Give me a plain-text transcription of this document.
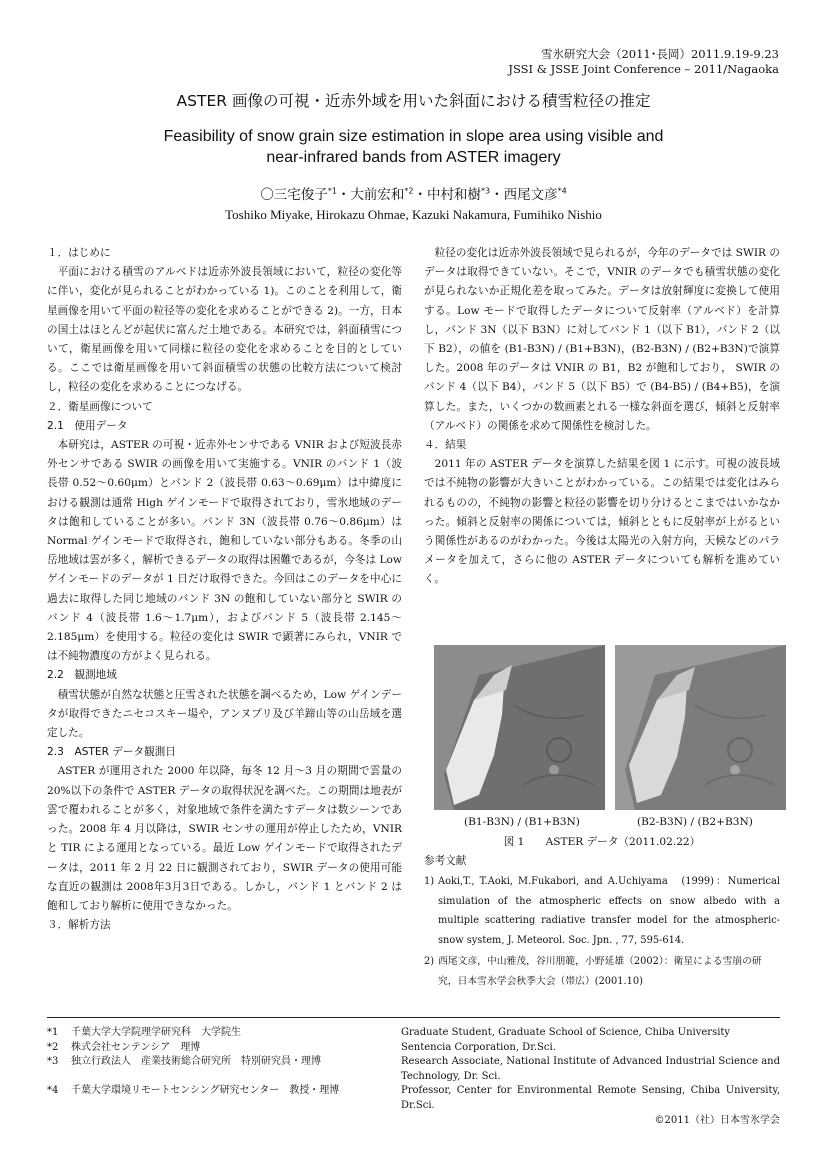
雪氷研究大会（2011･長岡）2011.9.19-9.23
JSSI & JSSE Joint Conference – 2011/Nagaoka
ASTER 画像の可視・近赤外域を用いた斜面における積雪粒径の推定
Feasibility of snow grain size estimation in slope area using visible and
near-infrared bands from ASTER imagery
〇三宅俊子$^{*1}$・大前宏和$^{*2}$・中村和樹$^{*3}$・西尾文彦$^{*4}$
Toshiko Miyake, Hirokazu Ohmae, Kazuki Nakamura, Fumihiko Nishio
１．はじめに

平面における積雪のアルベドは近赤外波長領域において，粒径の変化等に伴い，変化が見られることがわかっている 1)。このことを利用して，衛星画像を用いて平面の粒径等の変化を求めることができる 2)。一方，日本の国土はほとんどが起伏に富んだ土地である。本研究では，斜面積雪について，衛星画像を用いて同様に粒径の変化を求めることを目的としている。ここでは衛星画像を用いて斜面積雪の状態の比較方法について検討し，粒径の変化を求めることにつなげる。

２．衛星画像について
2.1　使用データ

本研究は，ASTER の可視・近赤外センサである VNIR および短波長赤外センサである SWIR の画像を用いて実施する。VNIR のバンド 1（波長帯 0.52〜0.60μm）とバンド 2（波長帯 0.63〜0.69μm）は中緯度における観測は通常 High ゲインモードで取得されており，雪氷地域のデータは飽和していることが多い。バンド 3N（波長帯 0.76〜0.86μm）は Normal ゲインモードで取得され，飽和していない部分もある。冬季の山岳地域は雲が多く，解析できるデータの取得は困難であるが，今冬は Low ゲインモードのデータが 1 日だけ取得できた。今回はこのデータを中心に過去に取得した同じ地域のバンド 3N の飽和していない部分と SWIR のバンド 4（波長帯 1.6〜1.7μm），およびバンド 5（波長帯 2.145〜2.185μm）を使用する。粒径の変化は SWIR で顕著にみられ，VNIR では不純物濃度の方がよく見られる。

2.2　観測地域

積雪状態が自然な状態と圧雪された状態を調べるため，Low ゲインデータが取得できたニセコスキー場や，アンヌプリ及び羊蹄山等の山岳域を選定した。

2.3　ASTER データ観測日

ASTER が運用された 2000 年以降，毎冬 12 月〜3 月の期間で雲量の 20%以下の条件で ASTER データの取得状況を調べた。この期間は地表が雲で覆われることが多く，対象地域で条件を満たすデータは数シーンであった。2008 年 4 月以降は，SWIR センサの運用が停止したため，VNIR と TIR による運用となっている。最近 Low ゲインモードで取得されたデータは，2011 年 2 月 22 日に観測されており，SWIR データの使用可能な直近の観測は 2008年3月3日である。しかし，バンド 1 とバンド 2 は飽和しており解析に使用できなかった。

３．解析方法

粒径の変化は近赤外波長領域で見られるが，今年のデータでは SWIR のデータは取得できていない。そこで，VNIR のデータでも積雪状態の変化が見られないか正規化差を取ってみた。データは放射輝度に変換して使用する。Low モードで取得したデータについて反射率（アルベド）を計算し，バンド 3N（以下 B3N）に対してバンド 1（以下 B1），バンド 2（以下 B2），の値を (B1-B3N) / (B1+B3N)，(B2-B3N) / (B2+B3N)で演算した。2008 年のデータは VNIR の B1，B2 が飽和しており， SWIR のバンド 4（以下 B4），バンド 5（以下 B5）で (B4-B5) / (B4+B5)，を演算した。また，いくつかの数画素とれる一様な斜面を選び，傾斜と反射率（アルベド）の関係を求めて関係性を検討した。

４．結果

2011 年の ASTER データを演算した結果を図 1 に示す。可視の波長域では不純物の影響が大きいことがわかっている。この結果では変化はみられるものの，不純物の影響と粒径の影響を切り分けるとこまではいかなかった。傾斜と反射率の関係については，傾斜とともに反射率が上がるという関係性があるのがわかった。今後は太陽光の入射方向，天候などのパラメータを加えて，さらに他の ASTER データについても解析を進めていく。

(B1-B3N) / (B1+B3N)	(B2-B3N) / (B2+B3N)
図 1　　ASTER データ（2011.02.22）
参考文献
1) Aoki,T., T.Aoki, M.Fukabori, and A.Uchiyama　(1999)：Numerical simulation of the atmospheric effects on snow albedo with a multiple scattering radiative transfer model for the atmospheric-snow system, J. Meteorol. Soc. Jpn. , 77, 595-614.
2) 西尾文彦，中山雅茂，谷川朋範，小野延雄（2002）：衛星による雪崩の研究，日本雪氷学会秋季大会（帯広）(2001.10)
*1	千葉大学大学院理学研究科　大学院生
*2	株式会社センテンシア　理博
*3	独立行政法人　産業技術総合研究所　特別研究員・理博
*4	千葉大学環境リモートセンシング研究センター　教授・理博
Graduate Student, Graduate School of Science, Chiba University
Sentencia Corporation, Dr.Sci.
Research Associate, National Institute of Advanced Industrial Science and Technology, Dr. Sci.
Professor, Center for Environmental Remote Sensing, Chiba University, Dr.Sci.
©2011（社）日本雪氷学会
